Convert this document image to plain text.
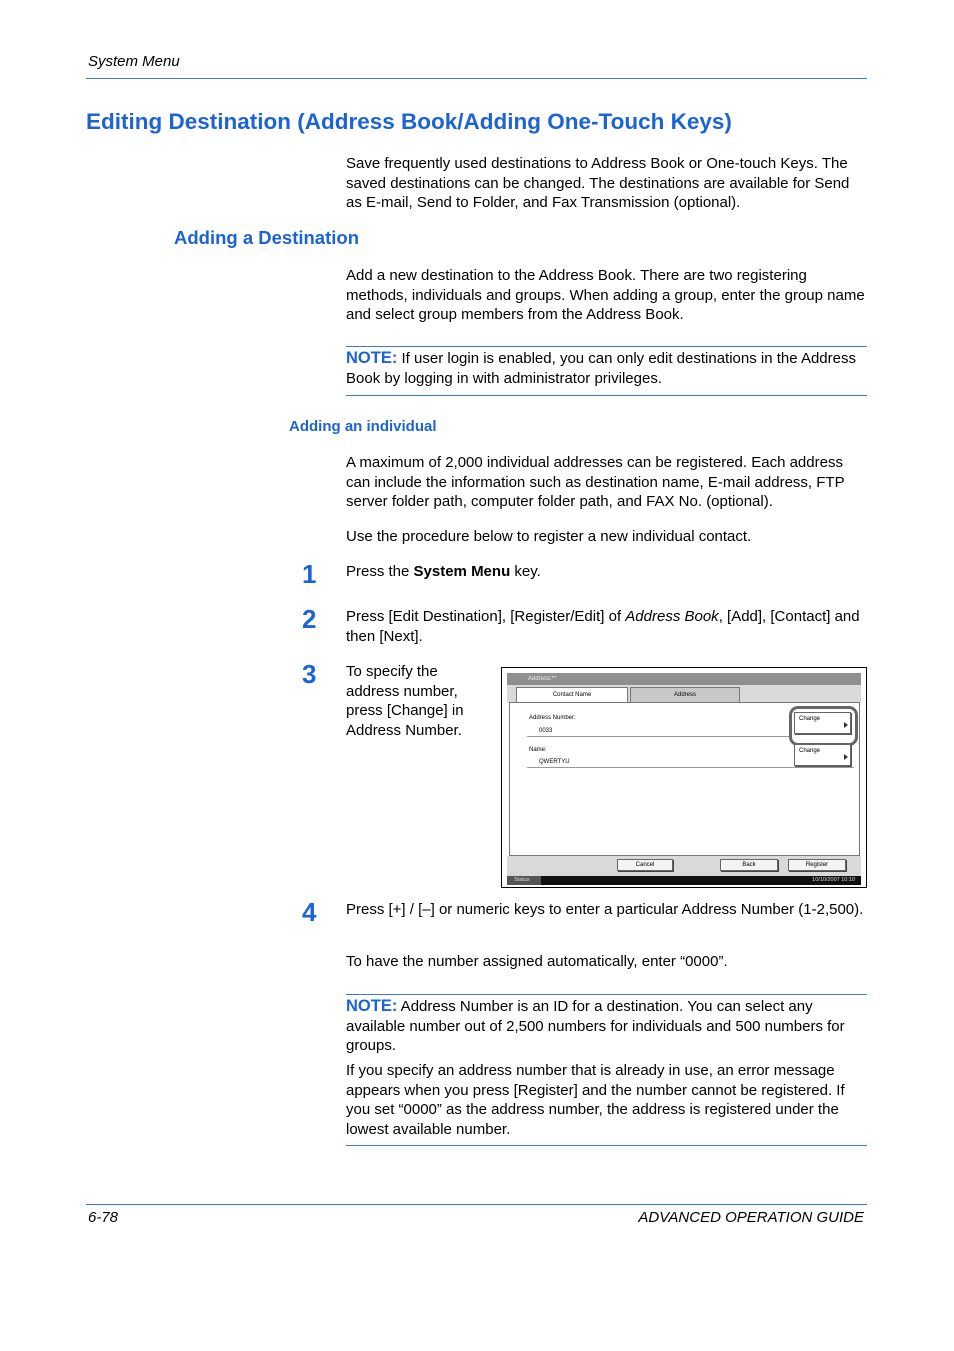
System Menu
Editing Destination (Address Book/Adding One-Touch Keys)
Save frequently used destinations to Address Book or One-touch Keys. The saved destinations can be changed. The destinations are available for Send as E-mail, Send to Folder, and Fax Transmission (optional).
Adding a Destination
Add a new destination to the Address Book. There are two registering methods, individuals and groups. When adding a group, enter the group name and select group members from the Address Book.
NOTE: If user login is enabled, you can only edit destinations in the Address Book by logging in with administrator privileges.
Adding an individual
A maximum of 2,000 individual addresses can be registered. Each address can include the information such as destination name, E-mail address, FTP server folder path, computer folder path, and FAX No. (optional).
Use the procedure below to register a new individual contact.
1 Press the System Menu key.
2 Press [Edit Destination], [Register/Edit] of Address Book, [Add], [Contact] and then [Next].
3 To specify the address number, press [Change] in Address Number.
Address:**
Contact Name	Address
Address Number:
0033
Change
Name:
QWERTYU
Change
Cancel	Back	Register
Status	10/10/2007 10:10
4 Press [+] / [–] or numeric keys to enter a particular Address Number (1-2,500).
To have the number assigned automatically, enter “0000”.
NOTE: Address Number is an ID for a destination. You can select any available number out of 2,500 numbers for individuals and 500 numbers for groups.
If you specify an address number that is already in use, an error message appears when you press [Register] and the number cannot be registered. If you set “0000” as the address number, the address is registered under the lowest available number.
6-78	ADVANCED OPERATION GUIDE
